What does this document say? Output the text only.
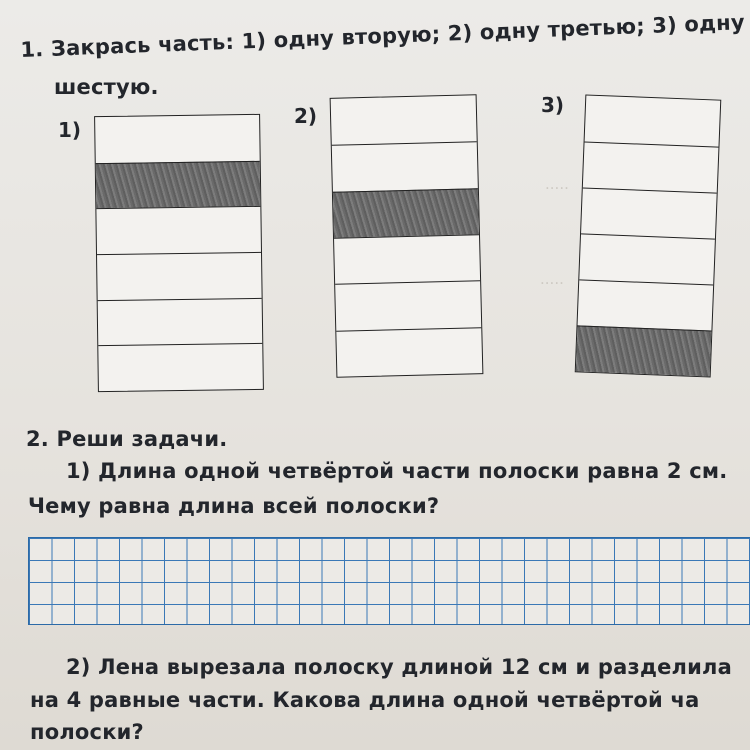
1. Закрась часть: 1) одну вторую; 2) одну третью; 3) одну
шестую.
1)
2)	3)
.....
.....
2. Реши задачи.
1) Длина одной четвёртой части полоски равна 2 см.
Чему равна длина всей полоски?
2) Лена вырезала полоску длиной 12 см и разделила
на 4 равные части. Какова длина одной четвёртой ча
полоски?
